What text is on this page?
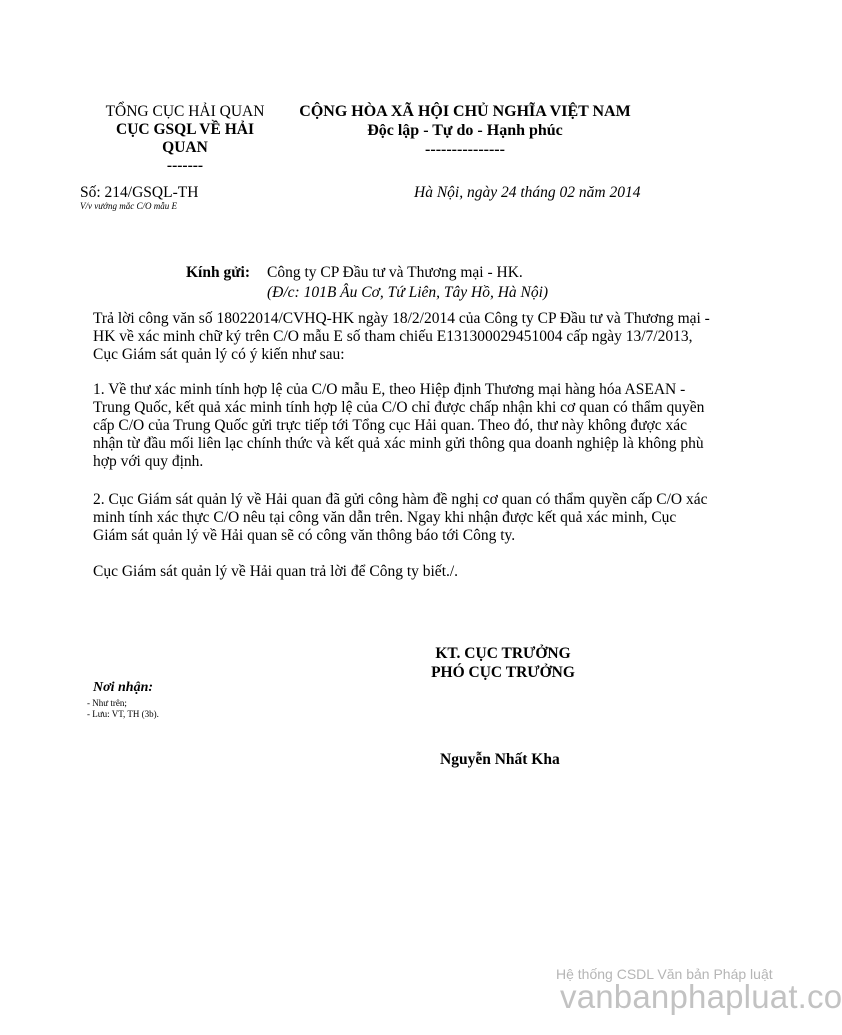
TỔNG CỤC HẢI QUAN
CỤC GSQL VỀ HẢI QUAN
-------
CỘNG HÒA XÃ HỘI CHỦ NGHĨA VIỆT NAM
Độc lập - Tự do - Hạnh phúc
---------------
Số: 214/GSQL-TH
V/v vướng mắc C/O mẫu E
Hà Nội, ngày 24 tháng 02 năm 2014
Kính gửi: Công ty CP Đầu tư và Thương mại - HK.
(Đ/c: 101B Âu Cơ, Tứ Liên, Tây Hồ, Hà Nội)
Trả lời công văn số 18022014/CVHQ-HK ngày 18/2/2014 của Công ty CP Đầu tư và Thương mại - HK về xác minh chữ ký trên C/O mẫu E số tham chiếu E131300029451004 cấp ngày 13/7/2013, Cục Giám sát quản lý có ý kiến như sau:
1. Về thư xác minh tính hợp lệ của C/O mẫu E, theo Hiệp định Thương mại hàng hóa ASEAN - Trung Quốc, kết quả xác minh tính hợp lệ của C/O chỉ được chấp nhận khi cơ quan có thẩm quyền cấp C/O của Trung Quốc gửi trực tiếp tới Tổng cục Hải quan. Theo đó, thư này không được xác nhận từ đầu mối liên lạc chính thức và kết quả xác minh gửi thông qua doanh nghiệp là không phù hợp với quy định.
2. Cục Giám sát quản lý về Hải quan đã gửi công hàm đề nghị cơ quan có thẩm quyền cấp C/O xác minh tính xác thực C/O nêu tại công văn dẫn trên. Ngay khi nhận được kết quả xác minh, Cục Giám sát quản lý về Hải quan sẽ có công văn thông báo tới Công ty.
Cục Giám sát quản lý về Hải quan trả lời để Công ty biết./.
KT. CỤC TRƯỞNG
PHÓ CỤC TRƯỞNG
Nguyễn Nhất Kha
Nơi nhận:
- Như trên;
- Lưu: VT, TH (3b).
Hệ thống CSDL Văn bản Pháp luật
vanbanphapluat.co
